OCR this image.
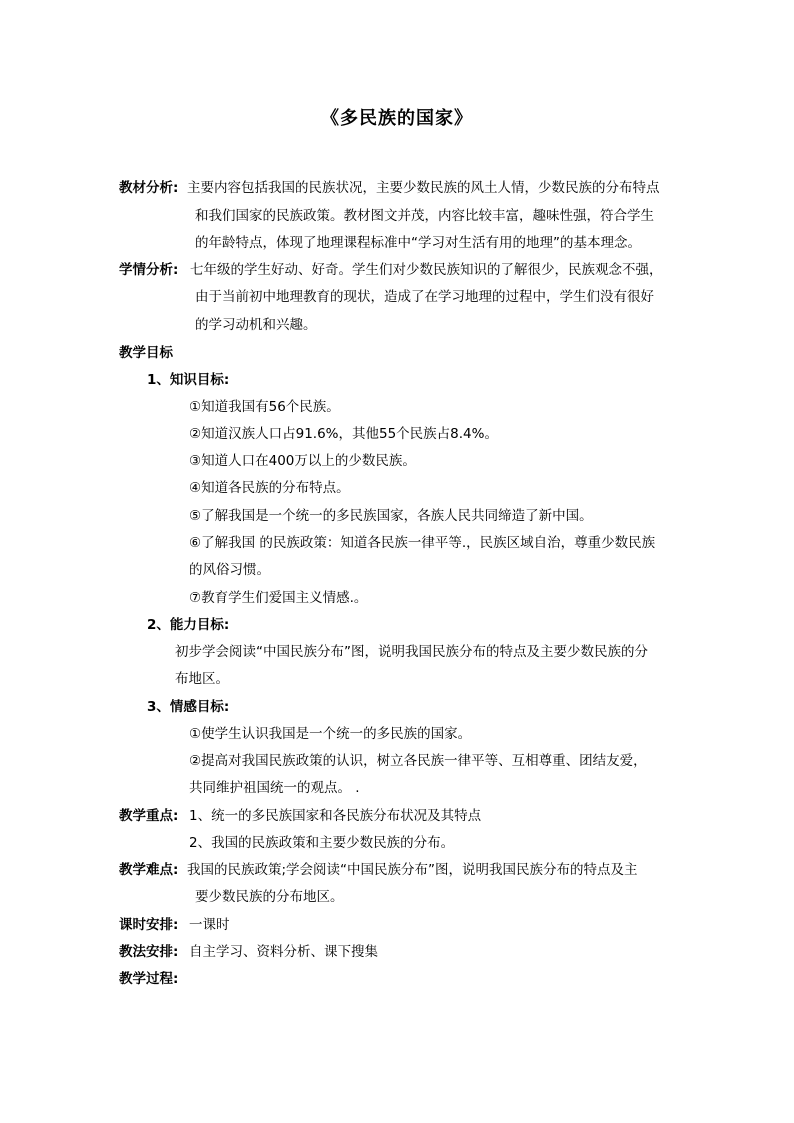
《多民族的国家》
教材分析: 主要内容包括我国的民族状况，主要少数民族的风土人情，少数民族的分布特点
和我们国家的民族政策。教材图文并茂，内容比较丰富，趣味性强，符合学生
的年龄特点，体现了地理课程标准中“学习对生活有用的地理”的基本理念。
学情分析: 七年级的学生好动、好奇。学生们对少数民族知识的了解很少，民族观念不强，
由于当前初中地理教育的现状，造成了在学习地理的过程中，学生们没有很好
的学习动机和兴趣。
教学目标
1、知识目标:
①知道我国有56个民族。
②知道汉族人口占91.6%，其他55个民族占8.4%。
③知道人口在400万以上的少数民族。
④知道各民族的分布特点。
⑤了解我国是一个统一的多民族国家，各族人民共同缔造了新中国。
⑥了解我国 的民族政策：知道各民族一律平等.，民族区域自治，尊重少数民族
的风俗习惯。
⑦教育学生们爱国主义情感.。
2、能力目标:
初步学会阅读“中国民族分布”图，说明我国民族分布的特点及主要少数民族的分
布地区。
3、情感目标:
①使学生认识我国是一个统一的多民族的国家。
②提高对我国民族政策的认识，树立各民族一律平等、互相尊重、团结友爱，
共同维护祖国统一的观点。 .
教学重点: 1、统一的多民族国家和各民族分布状况及其特点
2、我国的民族政策和主要少数民族的分布。
教学难点: 我国的民族政策;学会阅读“中国民族分布”图，说明我国民族分布的特点及主
要少数民族的分布地区。
课时安排: 一课时
教法安排: 自主学习、资料分析、课下搜集
教学过程:
